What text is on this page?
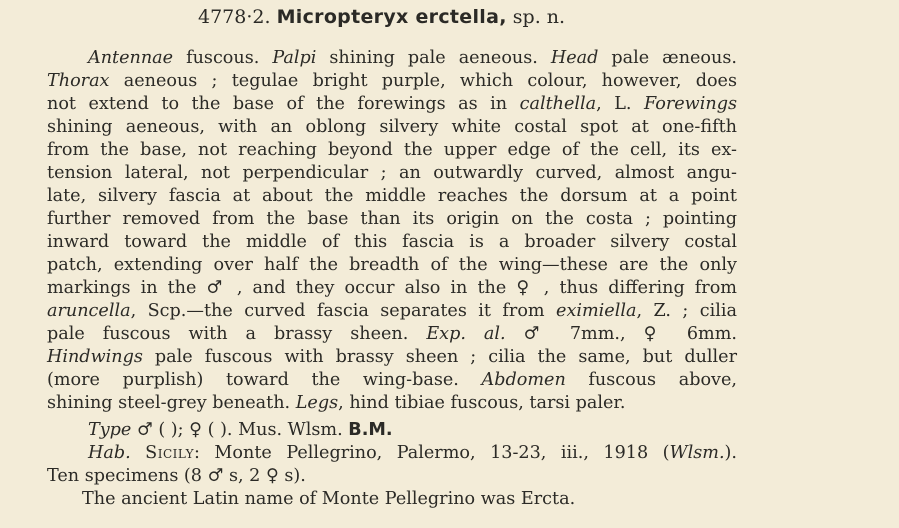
4778·2. Micropteryx erctella, sp. n.
Antennae fuscous. Palpi shining pale aeneous. Head pale æneous.
Thorax aeneous ; tegulae bright purple, which colour, however, does
not extend to the base of the forewings as in calthella, L. Forewings
shining aeneous, with an oblong silvery white costal spot at one-fifth
from the base, not reaching beyond the upper edge of the cell, its ex-
tension lateral, not perpendicular ; an outwardly curved, almost angu-
late, silvery fascia at about the middle reaches the dorsum at a point
further removed from the base than its origin on the costa ; pointing
inward toward the middle of this fascia is a broader silvery costal
patch, extending over half the breadth of the wing—these are the only
markings in the ♂ , and they occur also in the ♀ , thus differing from
aruncella, Scp.—the curved fascia separates it from eximiella, Z. ; cilia
pale fuscous with a brassy sheen. Exp. al. ♂ 7mm., ♀ 6mm.
Hindwings pale fuscous with brassy sheen ; cilia the same, but duller
(more purplish) toward the wing-base. Abdomen fuscous above,
shining steel-grey beneath. Legs, hind tibiae fuscous, tarsi paler.
Type ♂ ( ); ♀ ( ). Mus. Wlsm. B.M.
Hab. Sicily: Monte Pellegrino, Palermo, 13-23, iii., 1918 (Wlsm.).
Ten specimens (8 ♂ s, 2 ♀ s).
The ancient Latin name of Monte Pellegrino was Ercta.
